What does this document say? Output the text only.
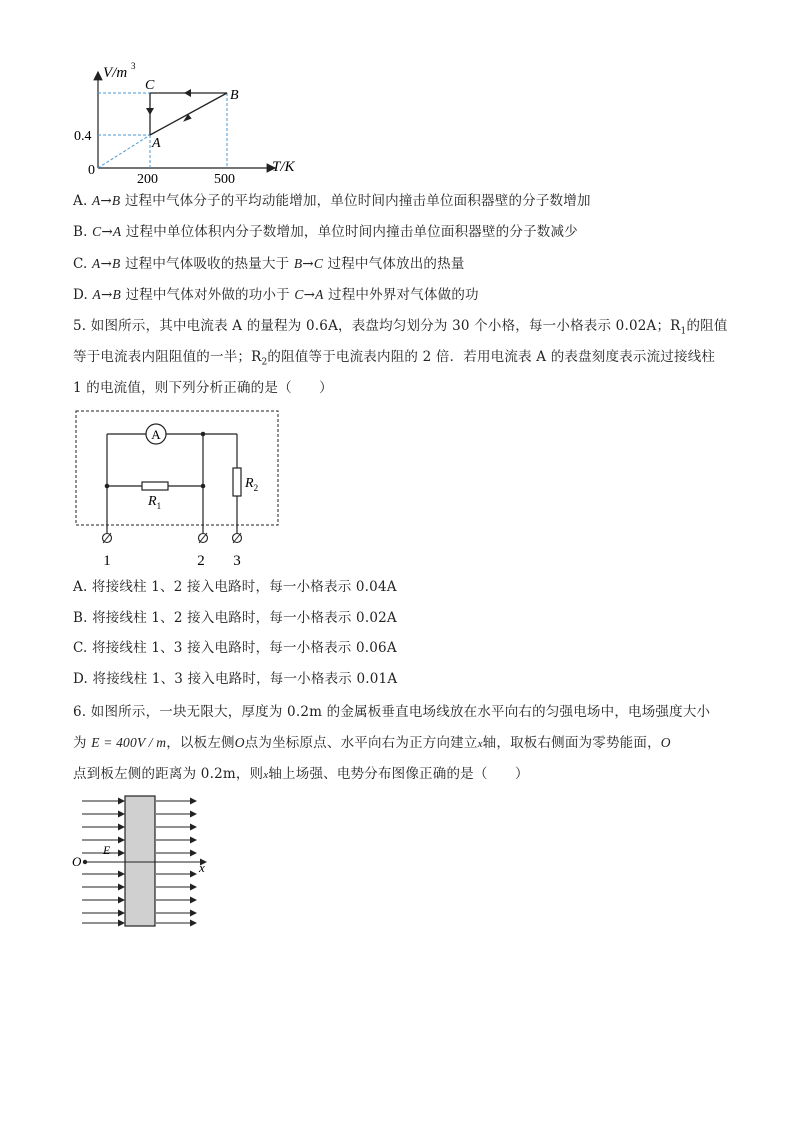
V/m 3
T/K
0.4
0
200	500
A
B
C
A. A→B 过程中气体分子的平均动能增加，单位时间内撞击单位面积器壁的分子数增加
B. C→A 过程中单位体积内分子数增加，单位时间内撞击单位面积器壁的分子数减少
C. A→B 过程中气体吸收的热量大于 B→C 过程中气体放出的热量
D. A→B 过程中气体对外做的功小于 C→A 过程中外界对气体做的功
5. 如图所示，其中电流表 A 的量程为 0.6A，表盘均匀划分为 30 个小格，每一小格表示 0.02A；$R_1$的阻值
等于电流表内阻阻值的一半；$R_2$的阻值等于电流表内阻的 2 倍．若用电流表 A 的表盘刻度表示流过接线柱
1 的电流值，则下列分析正确的是（　　）
A
$R_1$
$R_2$
1	2 3
A. 将接线柱 1、2 接入电路时，每一小格表示 0.04A
B. 将接线柱 1、2 接入电路时，每一小格表示 0.02A
C. 将接线柱 1、3 接入电路时，每一小格表示 0.06A
D. 将接线柱 1、3 接入电路时，每一小格表示 0.01A
6. 如图所示，一块无限大，厚度为 0.2m 的金属板垂直电场线放在水平向右的匀强电场中，电场强度大小
为 E = 400V / m，以板左侧O点为坐标原点、水平向右为正方向建立x轴，取板右侧面为零势能面，O
点到板左侧的距离为 0.2m，则x轴上场强、电势分布图像正确的是（　　）
O
E
x
